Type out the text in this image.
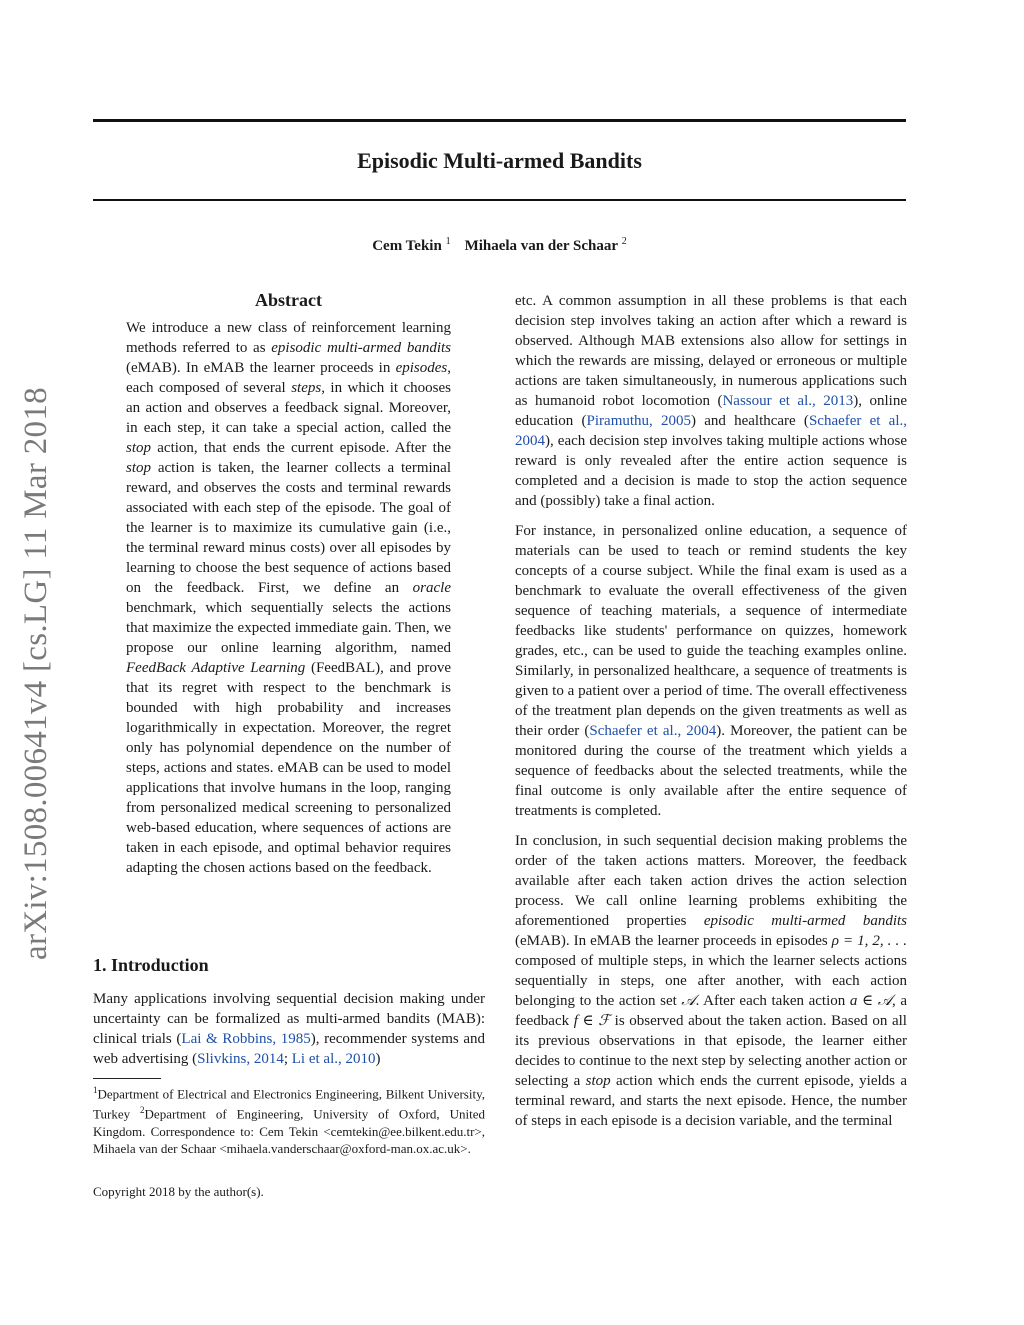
arXiv:1508.00641v4 [cs.LG] 11 Mar 2018
Episodic Multi-armed Bandits
Cem Tekin $^1$ Mihaela van der Schaar $^2$
Abstract

We introduce a new class of reinforcement learning methods referred to as episodic multi-armed bandits (eMAB). In eMAB the learner proceeds in episodes, each composed of several steps, in which it chooses an action and observes a feedback signal. Moreover, in each step, it can take a special action, called the stop action, that ends the current episode. After the stop action is taken, the learner collects a terminal reward, and observes the costs and terminal rewards associated with each step of the episode. The goal of the learner is to maximize its cumulative gain (i.e., the terminal reward minus costs) over all episodes by learning to choose the best sequence of actions based on the feedback. First, we define an oracle benchmark, which sequentially selects the actions that maximize the expected immediate gain. Then, we propose our online learning algorithm, named FeedBack Adaptive Learning (FeedBAL), and prove that its regret with respect to the benchmark is bounded with high probability and increases logarithmically in expectation. Moreover, the regret only has polynomial dependence on the number of steps, actions and states. eMAB can be used to model applications that involve humans in the loop, ranging from personalized medical screening to personalized web-based education, where sequences of actions are taken in each episode, and optimal behavior requires adapting the chosen actions based on the feedback.

1. Introduction

Many applications involving sequential decision making under uncertainty can be formalized as multi-armed bandits (MAB): clinical trials (Lai & Robbins, 1985), recommender systems and web advertising (Slivkins, 2014; Li et al., 2010)

$^1$Department of Electrical and Electronics Engineering, Bilkent University, Turkey $^2$Department of Engineering, University of Oxford, United Kingdom. Correspondence to: Cem Tekin <cemtekin@ee.bilkent.edu.tr>, Mihaela van der Schaar <mihaela.vanderschaar@oxford-man.ox.ac.uk>.

Copyright 2018 by the author(s).

etc. A common assumption in all these problems is that each decision step involves taking an action after which a reward is observed. Although MAB extensions also allow for settings in which the rewards are missing, delayed or erroneous or multiple actions are taken simultaneously, in numerous applications such as humanoid robot locomotion (Nassour et al., 2013), online education (Piramuthu, 2005) and healthcare (Schaefer et al., 2004), each decision step involves taking multiple actions whose reward is only revealed after the entire action sequence is completed and a decision is made to stop the action sequence and (possibly) take a final action.

For instance, in personalized online education, a sequence of materials can be used to teach or remind students the key concepts of a course subject. While the final exam is used as a benchmark to evaluate the overall effectiveness of the given sequence of teaching materials, a sequence of intermediate feedbacks like students' performance on quizzes, homework grades, etc., can be used to guide the teaching examples online. Similarly, in personalized healthcare, a sequence of treatments is given to a patient over a period of time. The overall effectiveness of the treatment plan depends on the given treatments as well as their order (Schaefer et al., 2004). Moreover, the patient can be monitored during the course of the treatment which yields a sequence of feedbacks about the selected treatments, while the final outcome is only available after the entire sequence of treatments is completed.

In conclusion, in such sequential decision making problems the order of the taken actions matters. Moreover, the feedback available after each taken action drives the action selection process. We call online learning problems exhibiting the aforementioned properties episodic multi-armed bandits (eMAB). In eMAB the learner proceeds in episodes ρ = 1, 2, . . . composed of multiple steps, in which the learner selects actions sequentially in steps, one after another, with each action belonging to the action set 𝒜. After each taken action a ∈ 𝒜, a feedback f ∈ ℱ is observed about the taken action. Based on all its previous observations in that episode, the learner either decides to continue to the next step by selecting another action or selecting a stop action which ends the current episode, yields a terminal reward, and starts the next episode. Hence, the number of steps in each episode is a decision variable, and the terminal
